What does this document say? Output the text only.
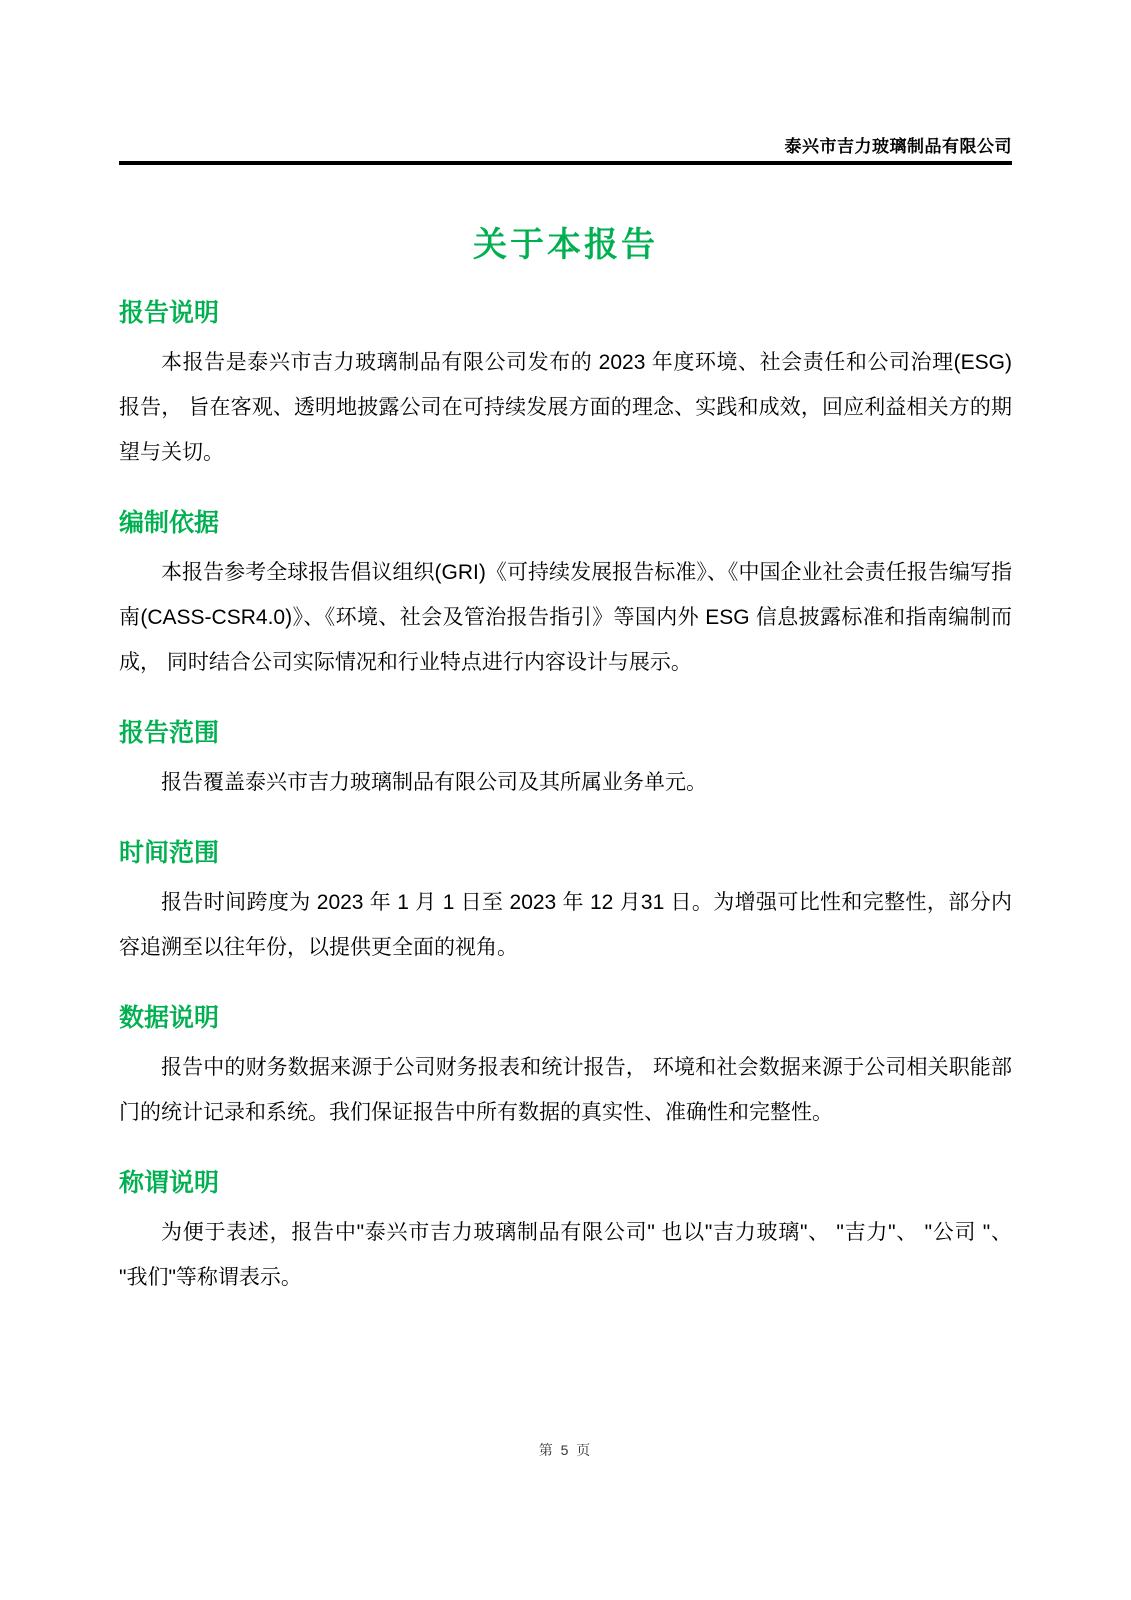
泰兴市吉力玻璃制品有限公司
关于本报告
报告说明

本报告是泰兴市吉力玻璃制品有限公司发布的 2023 年度环境、社会责任和公司治理(ESG)报告， 旨在客观、透明地披露公司在可持续发展方面的理念、实践和成效，回应利益相关方的期望与关切。

编制依据

本报告参考全球报告倡议组织(GRI)《可持续发展报告标准》、《中国企业社会责任报告编写指南(CASS-CSR4.0)》、《环境、社会及管治报告指引》等国内外 ESG 信息披露标准和指南编制而成， 同时结合公司实际情况和行业特点进行内容设计与展示。

报告范围

报告覆盖泰兴市吉力玻璃制品有限公司及其所属业务单元。

时间范围

报告时间跨度为 2023 年 1 月 1 日至 2023 年 12 月31 日。为增强可比性和完整性，部分内容追溯至以往年份，以提供更全面的视角。

数据说明

报告中的财务数据来源于公司财务报表和统计报告， 环境和社会数据来源于公司相关职能部门的统计记录和系统。我们保证报告中所有数据的真实性、准确性和完整性。

称谓说明

为便于表述，报告中"泰兴市吉力玻璃制品有限公司" 也以"吉力玻璃"、 "吉力"、 "公司 "、 "我们"等称谓表示。

第 5 页
